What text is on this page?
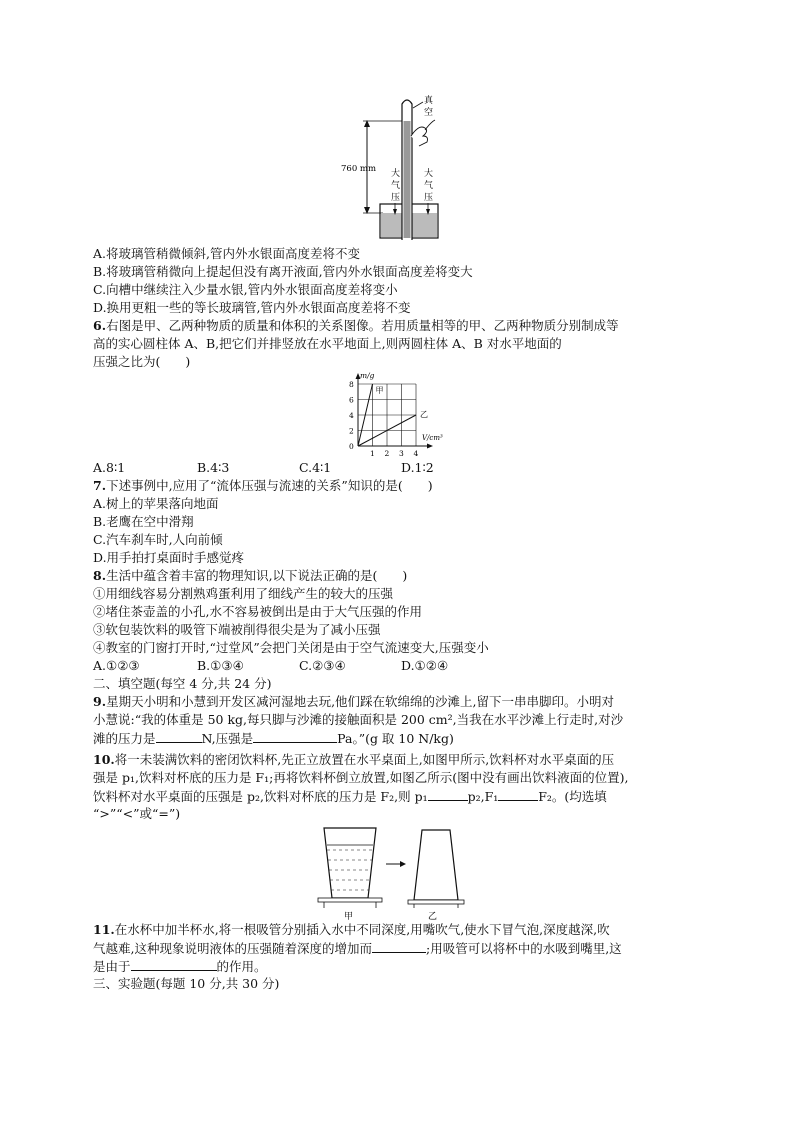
760 mm
真
空
大
气
压
大
气
压
A.将玻璃管稍微倾斜,管内外水银面高度差将不变
B.将玻璃管稍微向上提起但没有离开液面,管内外水银面高度差将变大
C.向槽中继续注入少量水银,管内外水银面高度差将变小
D.换用更粗一些的等长玻璃管,管内外水银面高度差将不变
6.右图是甲、乙两种物质的质量和体积的关系图像。若用质量相等的甲、乙两种物质分别制成等
高的实心圆柱体 A、B,把它们并排竖放在水平地面上,则两圆柱体 A、B 对水平地面的
压强之比为(　　)
0
2
4
6
8
1 2 3 4
m/g
V/cm³
甲
乙
A.8∶1	B.4∶3	C.4∶1	D.1∶2
7.下述事例中,应用了“流体压强与流速的关系”知识的是(　　)
A.树上的苹果落向地面
B.老鹰在空中滑翔
C.汽车刹车时,人向前倾
D.用手拍打桌面时手感觉疼
8.生活中蕴含着丰富的物理知识,以下说法正确的是(　　)
①用细线容易分割熟鸡蛋利用了细线产生的较大的压强
②堵住茶壶盖的小孔,水不容易被倒出是由于大气压强的作用
③软包装饮料的吸管下端被削得很尖是为了减小压强
④教室的门窗打开时,“过堂风”会把门关闭是由于空气流速变大,压强变小
A.①②③	B.①③④	C.②③④	D.①②④
二、填空题(每空 4 分,共 24 分)
9.星期天小明和小慧到开发区减河湿地去玩,他们踩在软绵绵的沙滩上,留下一串串脚印。小明对
小慧说:“我的体重是 50 kg,每只脚与沙滩的接触面积是 200 cm²,当我在水平沙滩上行走时,对沙
滩的压力是	N,压强是	Pa。”(g 取 10 N/kg)
10.将一未装满饮料的密闭饮料杯,先正立放置在水平桌面上,如图甲所示,饮料杯对水平桌面的压
强是 p₁,饮料对杯底的压力是 F₁;再将饮料杯倒立放置,如图乙所示(图中没有画出饮料液面的位置),
饮料杯对水平桌面的压强是 p₂,饮料对杯底的压力是 F₂,则 p₁	p₂,F₁	F₂。(均选填
“>”“<”或“=”)
甲	乙
11.在水杯中加半杯水,将一根吸管分别插入水中不同深度,用嘴吹气,使水下冒气泡,深度越深,吹
气越难,这种现象说明液体的压强随着深度的增加而	;用吸管可以将杯中的水吸到嘴里,这
是由于	的作用。
三、实验题(每题 10 分,共 30 分)
